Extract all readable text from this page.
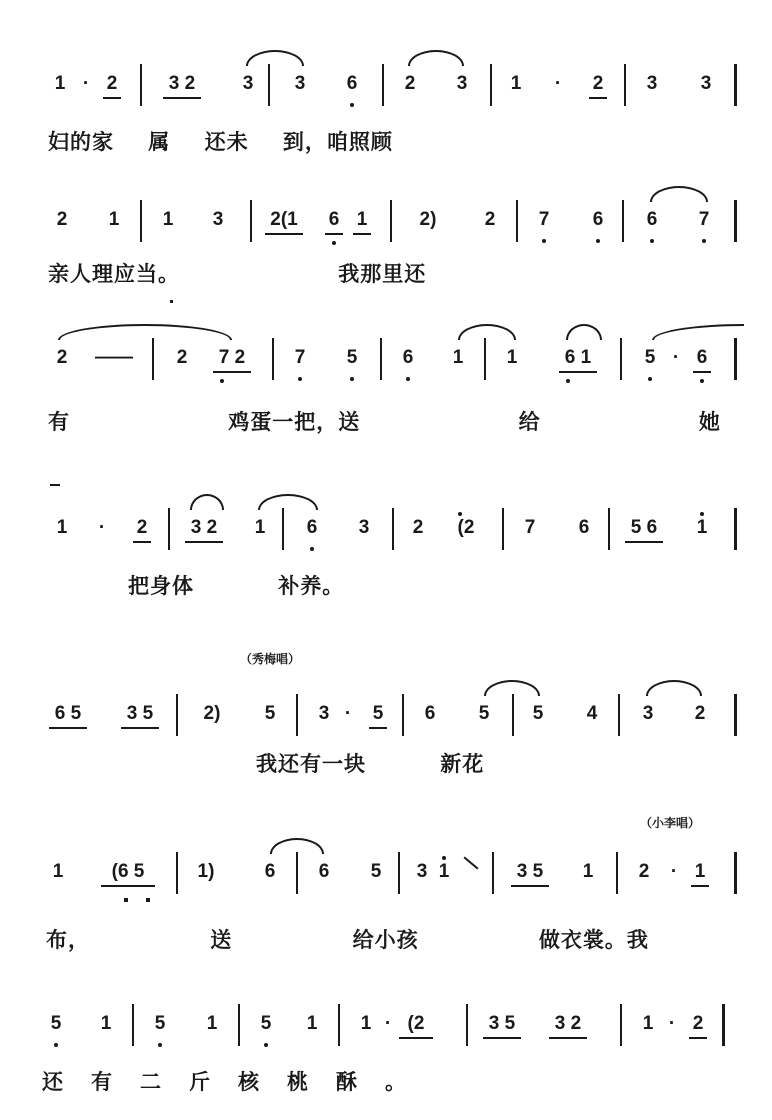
1 · 2	3 2	3	3	6	2	3	1	·	2	3	3
妇的家 属 还未 到，咱照顾
2	1	1	3	2(1	6 1	2)	2	7	6	6	7
亲人理应当。 我那里还
2	——	2	7 2	7	5	6	1	1	6 1	5 · 6
有 鸡蛋一把，送 给 她
1	·	2	3 2	1	6	3	2	(2	7	6	5 6	1
把身体 补养。
（秀梅唱）
6 5	3 5	2)	5	3 ·	5	6	5	5	4	3	2
我还有一块 新花
（小李唱）
1	(6 5	1)	6	6	5	3 1	3 5	1	2	· 1
布， 送 给小孩 做衣裳。我
5	1	5	1	5	1	1 · (2	3 5	3 2	1 · 2
还有二斤核桃酥。
